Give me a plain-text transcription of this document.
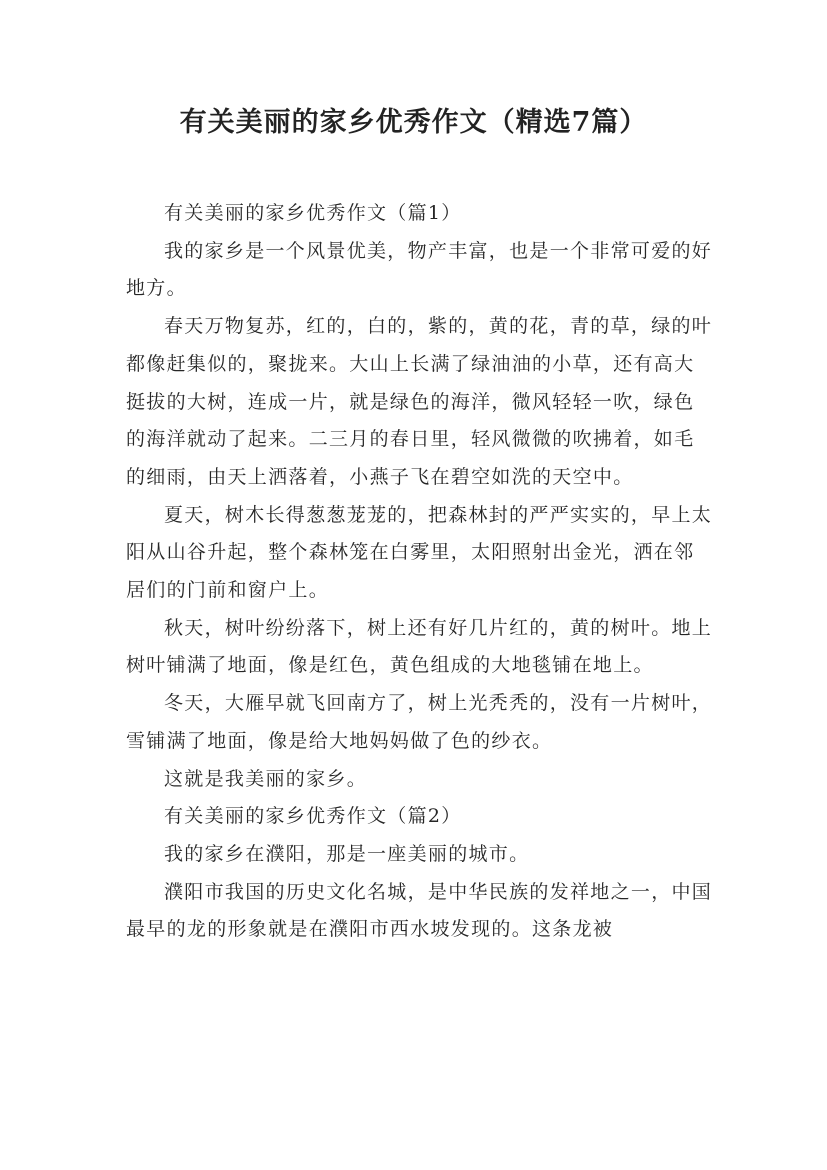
有关美丽的家乡优秀作文（精选7篇）

有关美丽的家乡优秀作文（篇1）

我的家乡是一个风景优美，物产丰富，也是一个非常可爱的好地方。

春天万物复苏，红的，白的，紫的，黄的花，青的草，绿的叶都像赶集似的，聚拢来。大山上长满了绿油油的小草，还有高大挺拔的大树，连成一片，就是绿色的海洋，微风轻轻一吹，绿色的海洋就动了起来。二三月的春日里，轻风微微的吹拂着，如毛的细雨，由天上洒落着，小燕子飞在碧空如洗的天空中。

夏天，树木长得葱葱茏茏的，把森林封的严严实实的，早上太阳从山谷升起，整个森林笼在白雾里，太阳照射出金光，洒在邻居们的门前和窗户上。

秋天，树叶纷纷落下，树上还有好几片红的，黄的树叶。地上树叶铺满了地面，像是红色，黄色组成的大地毯铺在地上。

冬天，大雁早就飞回南方了，树上光秃秃的，没有一片树叶，雪铺满了地面，像是给大地妈妈做了色的纱衣。

这就是我美丽的家乡。

有关美丽的家乡优秀作文（篇2）

我的家乡在濮阳，那是一座美丽的城市。

濮阳市我国的历史文化名城，是中华民族的发祥地之一，中国最早的龙的形象就是在濮阳市西水坡发现的。这条龙被
